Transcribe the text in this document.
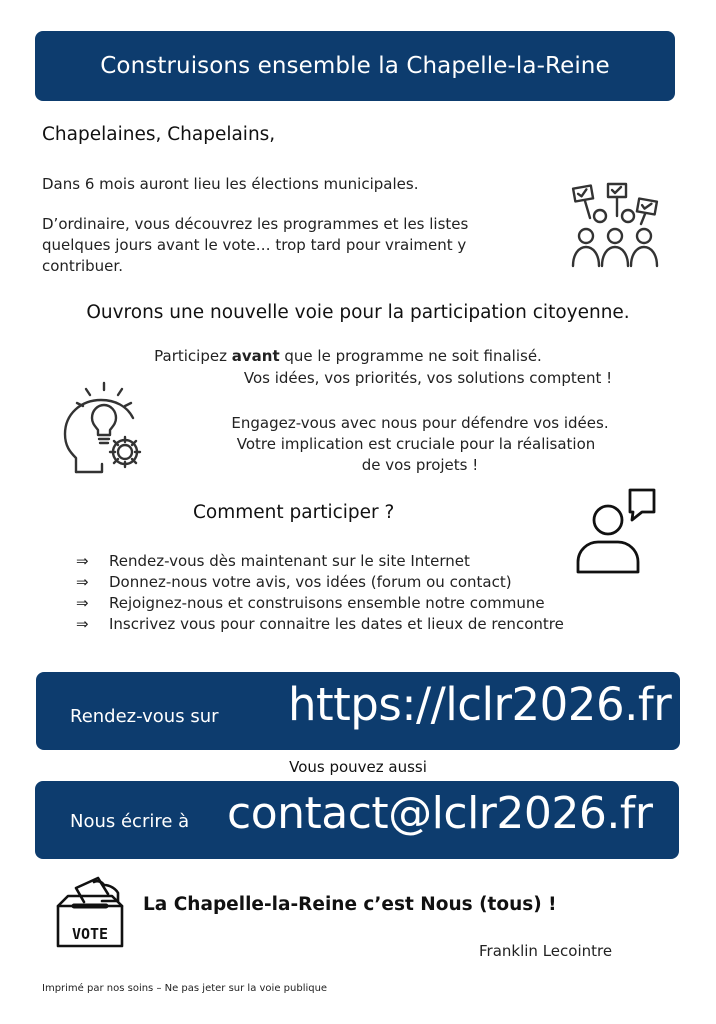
Construisons ensemble la Chapelle-la-Reine
Chapelaines, Chapelains,
Dans 6 mois auront lieu les élections municipales.
D’ordinaire, vous découvrez les programmes et les listes quelques jours avant le vote… trop tard pour vraiment y contribuer.
Ouvrons une nouvelle voie pour la participation citoyenne.
Participez avant que le programme ne soit finalisé.
Vos idées, vos priorités, vos solutions comptent !
Engagez-vous avec nous pour défendre vos idées.
Votre implication est cruciale pour la réalisation
de vos projets !
Comment participer ?
⇒	Rendez-vous dès maintenant sur le site Internet
⇒	Donnez-nous votre avis, vos idées (forum ou contact)
⇒	Rejoignez-nous et construisons ensemble notre commune
⇒	Inscrivez vous pour connaitre les dates et lieux de rencontre
Rendez-vous sur https://lclr2026.fr
Vous pouvez aussi
Nous écrire à contact@lclr2026.fr
VOTE
La Chapelle-la-Reine c’est Nous (tous) !
Franklin Lecointre
Imprimé par nos soins – Ne pas jeter sur la voie publique
